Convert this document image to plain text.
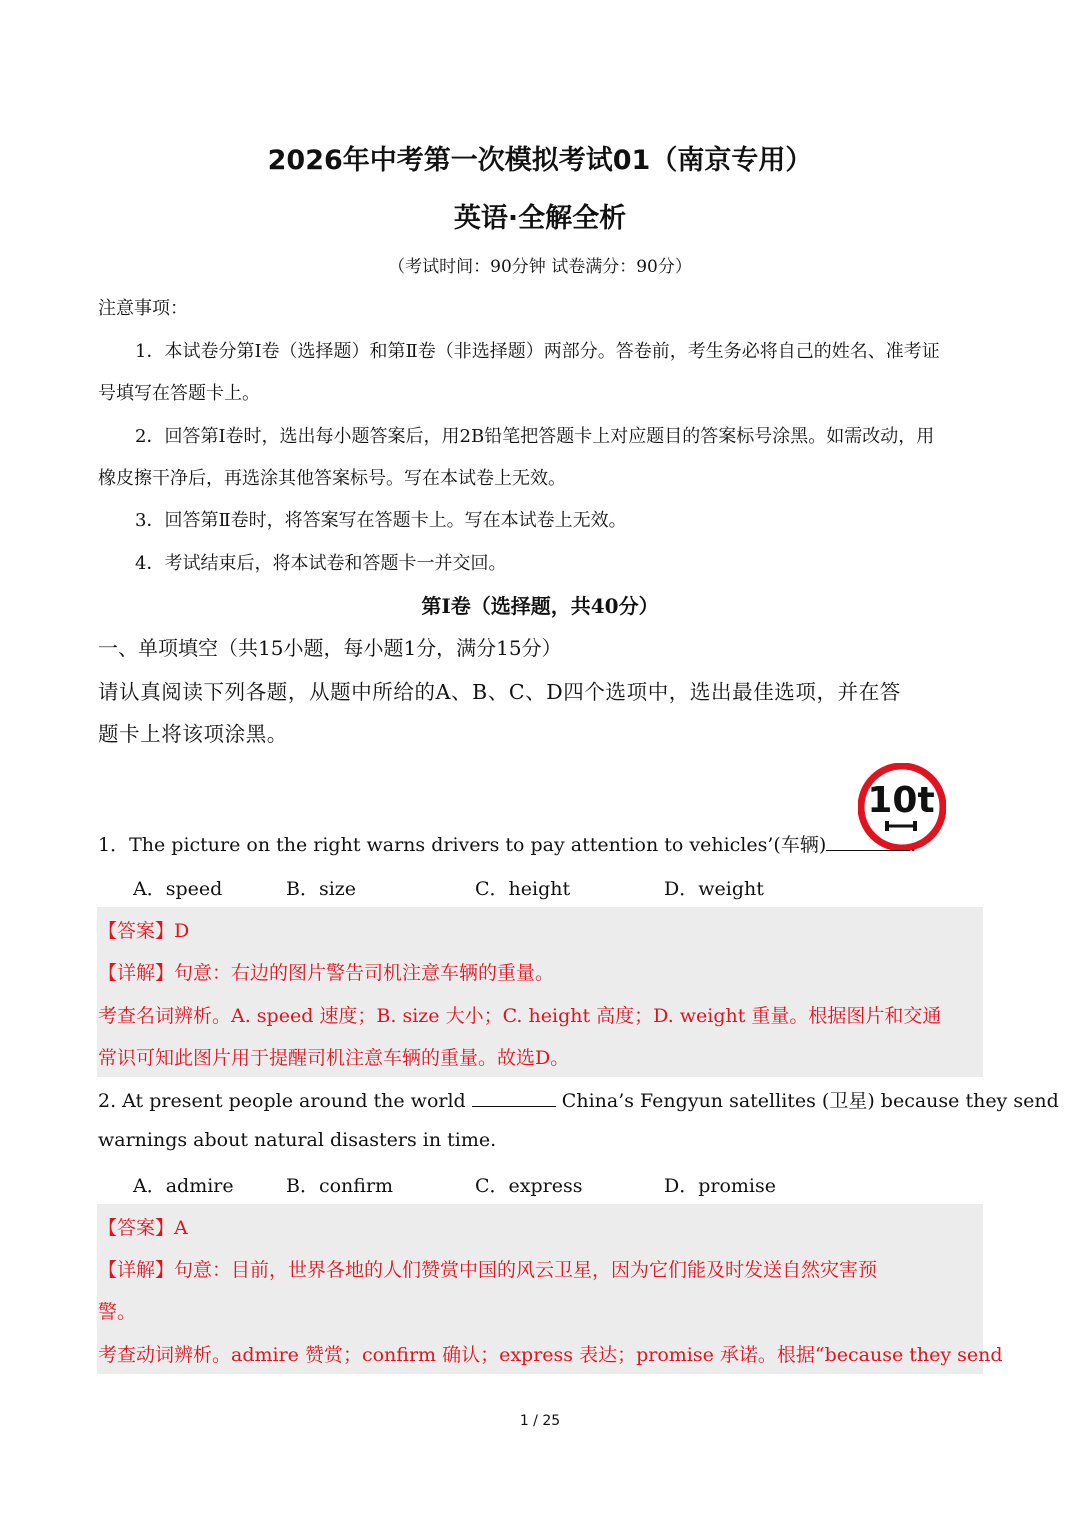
2026年中考第一次模拟考试01（南京专用）
英语·全解全析
（考试时间：90分钟 试卷满分：90分）
注意事项：
1．本试卷分第Ⅰ卷（选择题）和第Ⅱ卷（非选择题）两部分。答卷前，考生务必将自己的姓名、准考证
号填写在答题卡上。
2．回答第Ⅰ卷时，选出每小题答案后，用2B铅笔把答题卡上对应题目的答案标号涂黑。如需改动，用
橡皮擦干净后，再选涂其他答案标号。写在本试卷上无效。
3．回答第Ⅱ卷时，将答案写在答题卡上。写在本试卷上无效。
4．考试结束后，将本试卷和答题卡一并交回。
第Ⅰ卷（选择题，共40分）
一、单项填空（共15小题，每小题1分，满分15分）
请认真阅读下列各题，从题中所给的A、B、C、D四个选项中，选出最佳选项，并在答
题卡上将该项涂黑。
10t
1．The picture on the right warns drivers to pay attention to vehicles’(车辆)	.
A．speed	B．size	C．height	D．weight
【答案】D
【详解】句意：右边的图片警告司机注意车辆的重量。
考查名词辨析。A. speed 速度；B. size 大小；C. height 高度；D. weight 重量。根据图片和交通
常识可知此图片用于提醒司机注意车辆的重量。故选D。
2. At present people around the world	China’s Fengyun satellites (卫星) because they send
warnings about natural disasters in time.
A．admire	B．confirm	C．express	D．promise
【答案】A
【详解】句意：目前，世界各地的人们赞赏中国的风云卫星，因为它们能及时发送自然灾害预
警。
考查动词辨析。admire 赞赏；confirm 确认；express 表达；promise 承诺。根据“because they send
1 / 25
